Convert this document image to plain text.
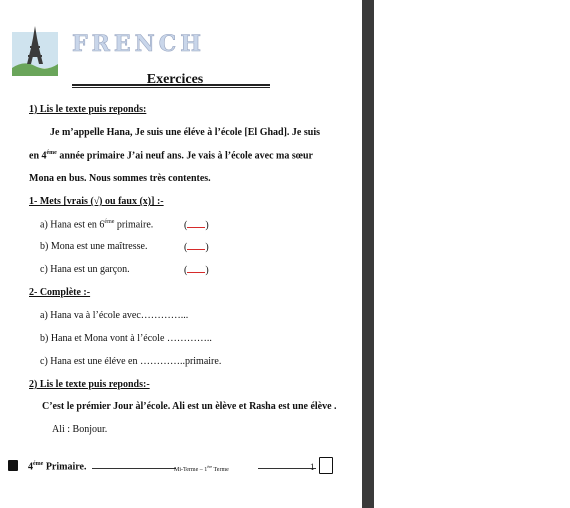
FRENCH
Exercices
1) Lis le texte puis reponds:
Je m’appelle Hana, Je suis une éléve à l’école [El Ghad]. Je suis
en $4^{éme}$ année primaire J’ai neuf ans. Je vais à l’école avec ma sœur
Mona en bus. Nous sommes très contentes.
1- Mets [vrais (√) ou faux (x)] :-
a) Hana est en $6^{éme}$ primaire.	( )
b) Mona est une maîtresse.	( )
c) Hana est un garçon.	( )
2- Complète :-
a) Hana va à l’école avec…………...
b) Hana et Mona vont à l’école …………..
c) Hana est une éléve en …………..primaire.
2) Lis le texte puis reponds:-
C’est le prémier Jour àl’école. Ali est un èlève et Rasha est une élève .
Ali : Bonjour.
$4^{éme}$ Primaire.	Mi-Terme – 1ère Terme	1
